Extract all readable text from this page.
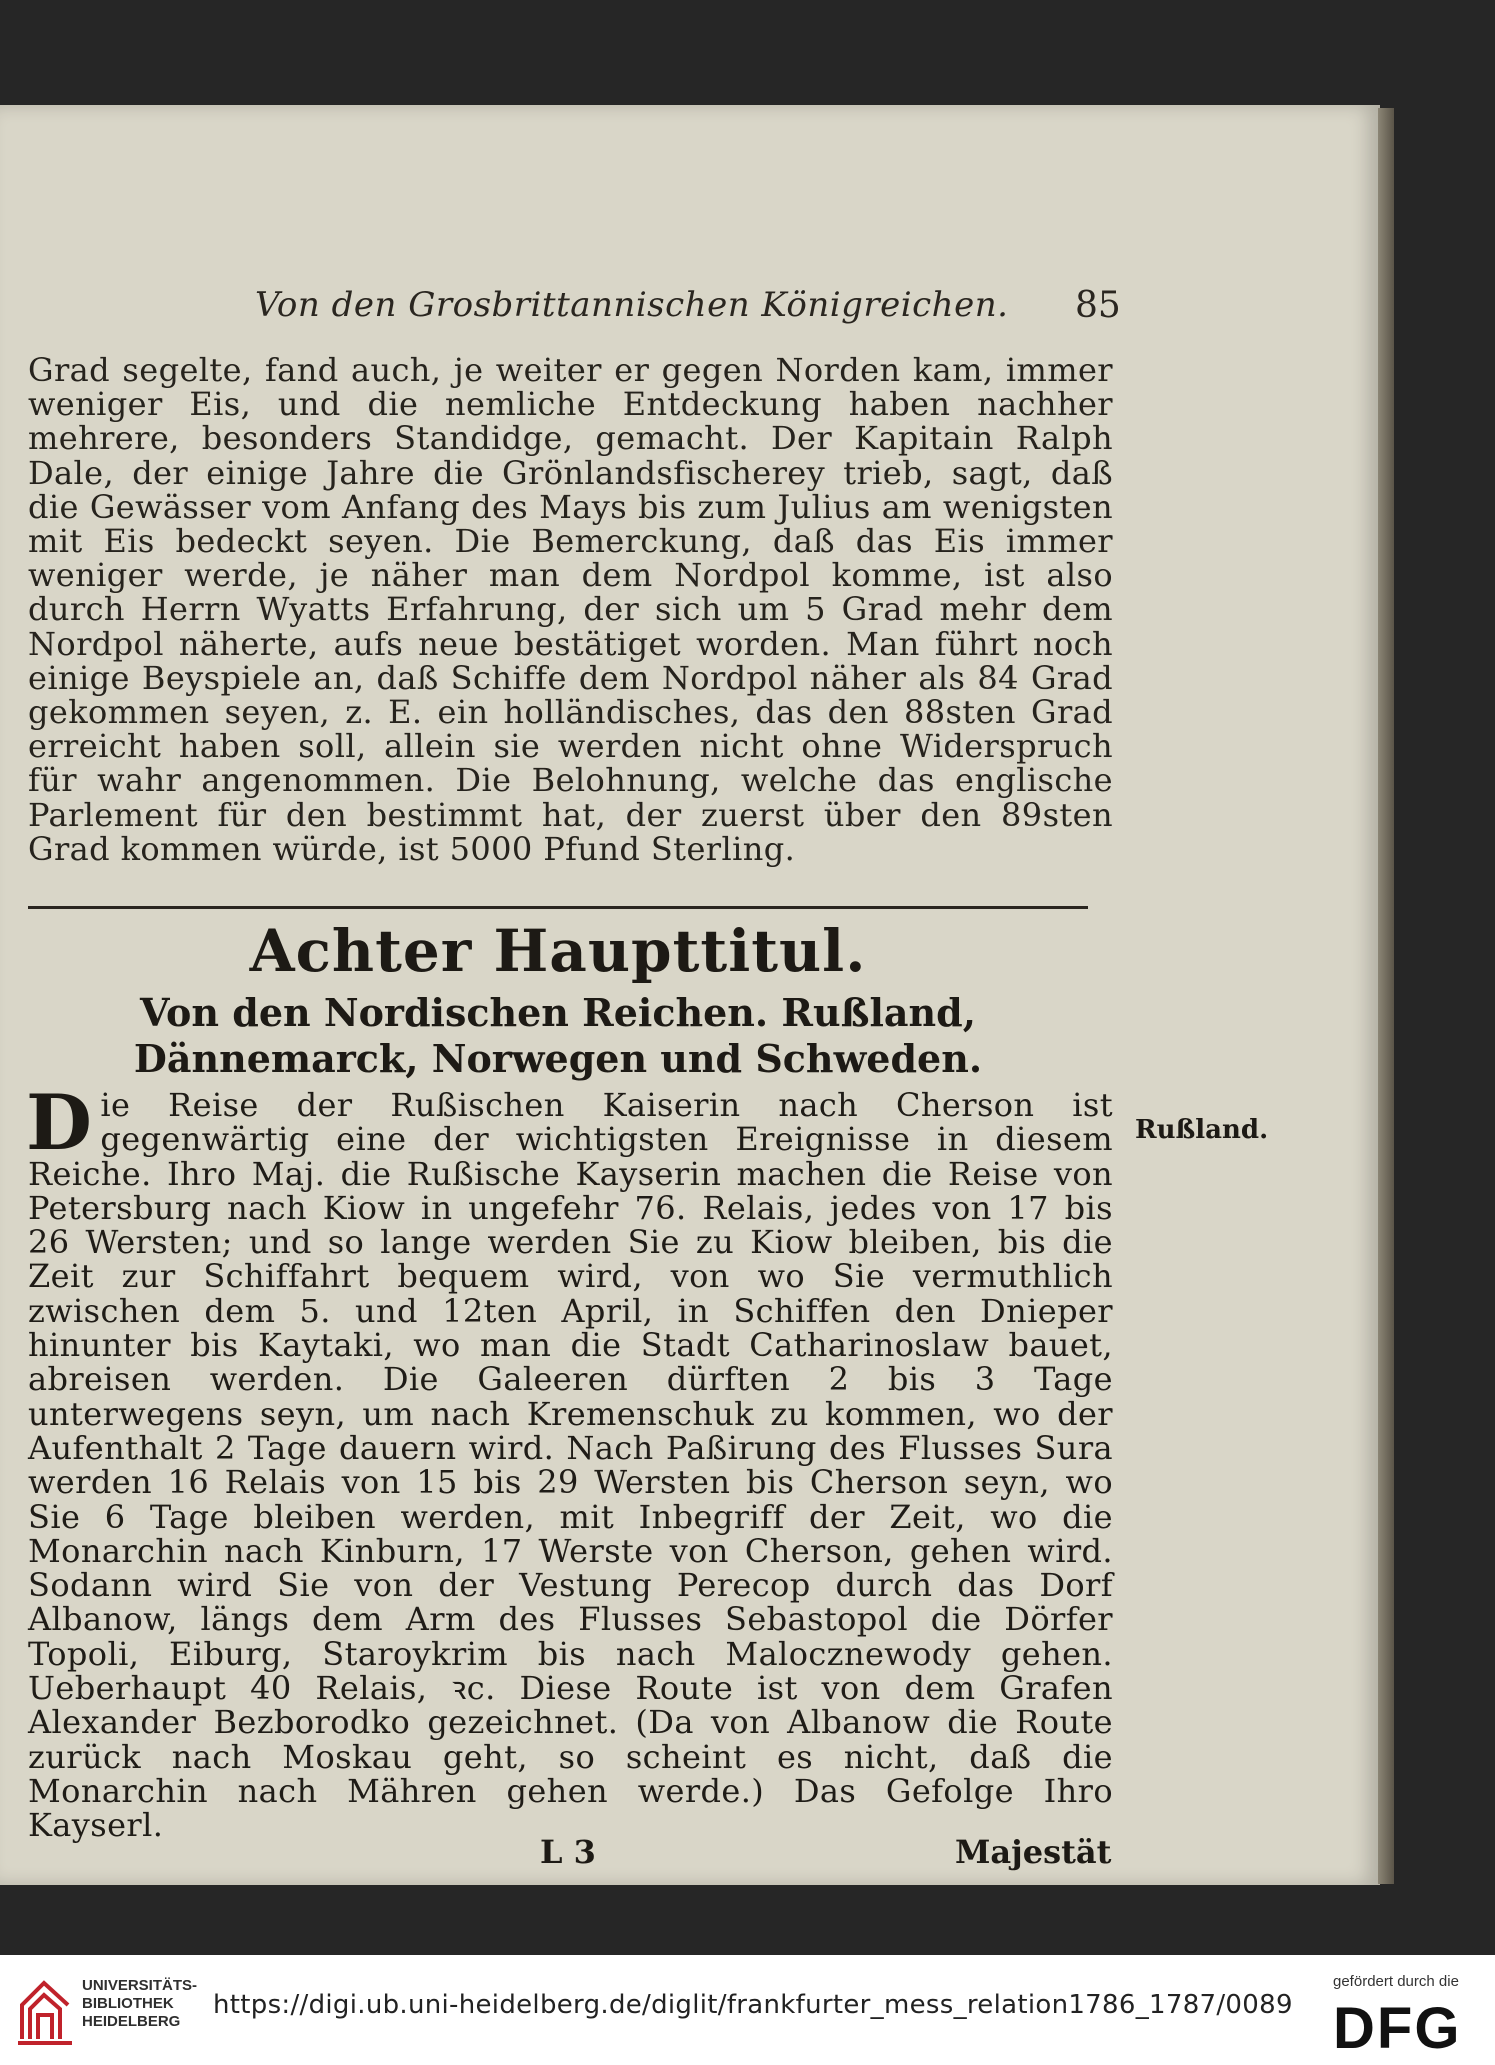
Von den Grosbrittannischen Königreichen. 85
Grad segelte, fand auch, je weiter er gegen Norden kam, immer weniger Eis, und die nemliche Entdeckung haben nachher mehrere, besonders Standidge, gemacht. Der Kapitain Ralph Dale, der einige Jahre die Grönlandsfischerey trieb, sagt, daß die Gewässer vom Anfang des Mays bis zum Julius am wenigsten mit Eis bedeckt seyen. Die Bemerckung, daß das Eis immer weniger werde, je näher man dem Nordpol komme, ist also durch Herrn Wyatts Erfahrung, der sich um 5 Grad mehr dem Nordpol näherte, aufs neue bestätiget worden. Man führt noch einige Beyspiele an, daß Schiffe dem Nordpol näher als 84 Grad gekommen seyen, z. E. ein holländisches, das den 88sten Grad erreicht haben soll, allein sie werden nicht ohne Widerspruch für wahr angenommen. Die Belohnung, welche das englische Parlement für den bestimmt hat, der zuerst über den 89sten Grad kommen würde, ist 5000 Pfund Sterling.
Achter Haupttitul.
Von den Nordischen Reichen. Rußland, Dännemarck, Norwegen und Schweden.
Die Reise der Rußischen Kaiserin nach Cherson ist gegenwärtig eine der wichtigsten Ereignisse in diesem Reiche. Ihro Maj. die Rußische Kayserin machen die Reise von Petersburg nach Kiow in ungefehr 76. Relais, jedes von 17 bis 26 Wersten; und so lange werden Sie zu Kiow bleiben, bis die Zeit zur Schiffahrt bequem wird, von wo Sie vermuthlich zwischen dem 5. und 12ten April, in Schiffen den Dnieper hinunter bis Kaytaki, wo man die Stadt Catharinoslaw bauet, abreisen werden. Die Galeeren dürften 2 bis 3 Tage unterwegens seyn, um nach Kremenschuk zu kommen, wo der Aufenthalt 2 Tage dauern wird. Nach Paßirung des Flusses Sura werden 16 Relais von 15 bis 29 Wersten bis Cherson seyn, wo Sie 6 Tage bleiben werden, mit Inbegriff der Zeit, wo die Monarchin nach Kinburn, 17 Werste von Cherson, gehen wird. Sodann wird Sie von der Vestung Perecop durch das Dorf Albanow, längs dem Arm des Flusses Sebastopol die Dörfer Topoli, Eiburg, Staroykrim bis nach Malocznewody gehen. Ueberhaupt 40 Relais, ꝛc. Diese Route ist von dem Grafen Alexander Bezborodko gezeichnet. (Da von Albanow die Route zurück nach Moskau geht, so scheint es nicht, daß die Monarchin nach Mähren gehen werde.) Das Gefolge Ihro Kayserl.
Rußland.
L 3	Majestät
UNIVERSITÄTS-
BIBLIOTHEK
HEIDELBERG
https://digi.ub.uni-heidelberg.de/diglit/frankfurter_mess_relation1786_1787/0089
gefördert durch die
DFG
